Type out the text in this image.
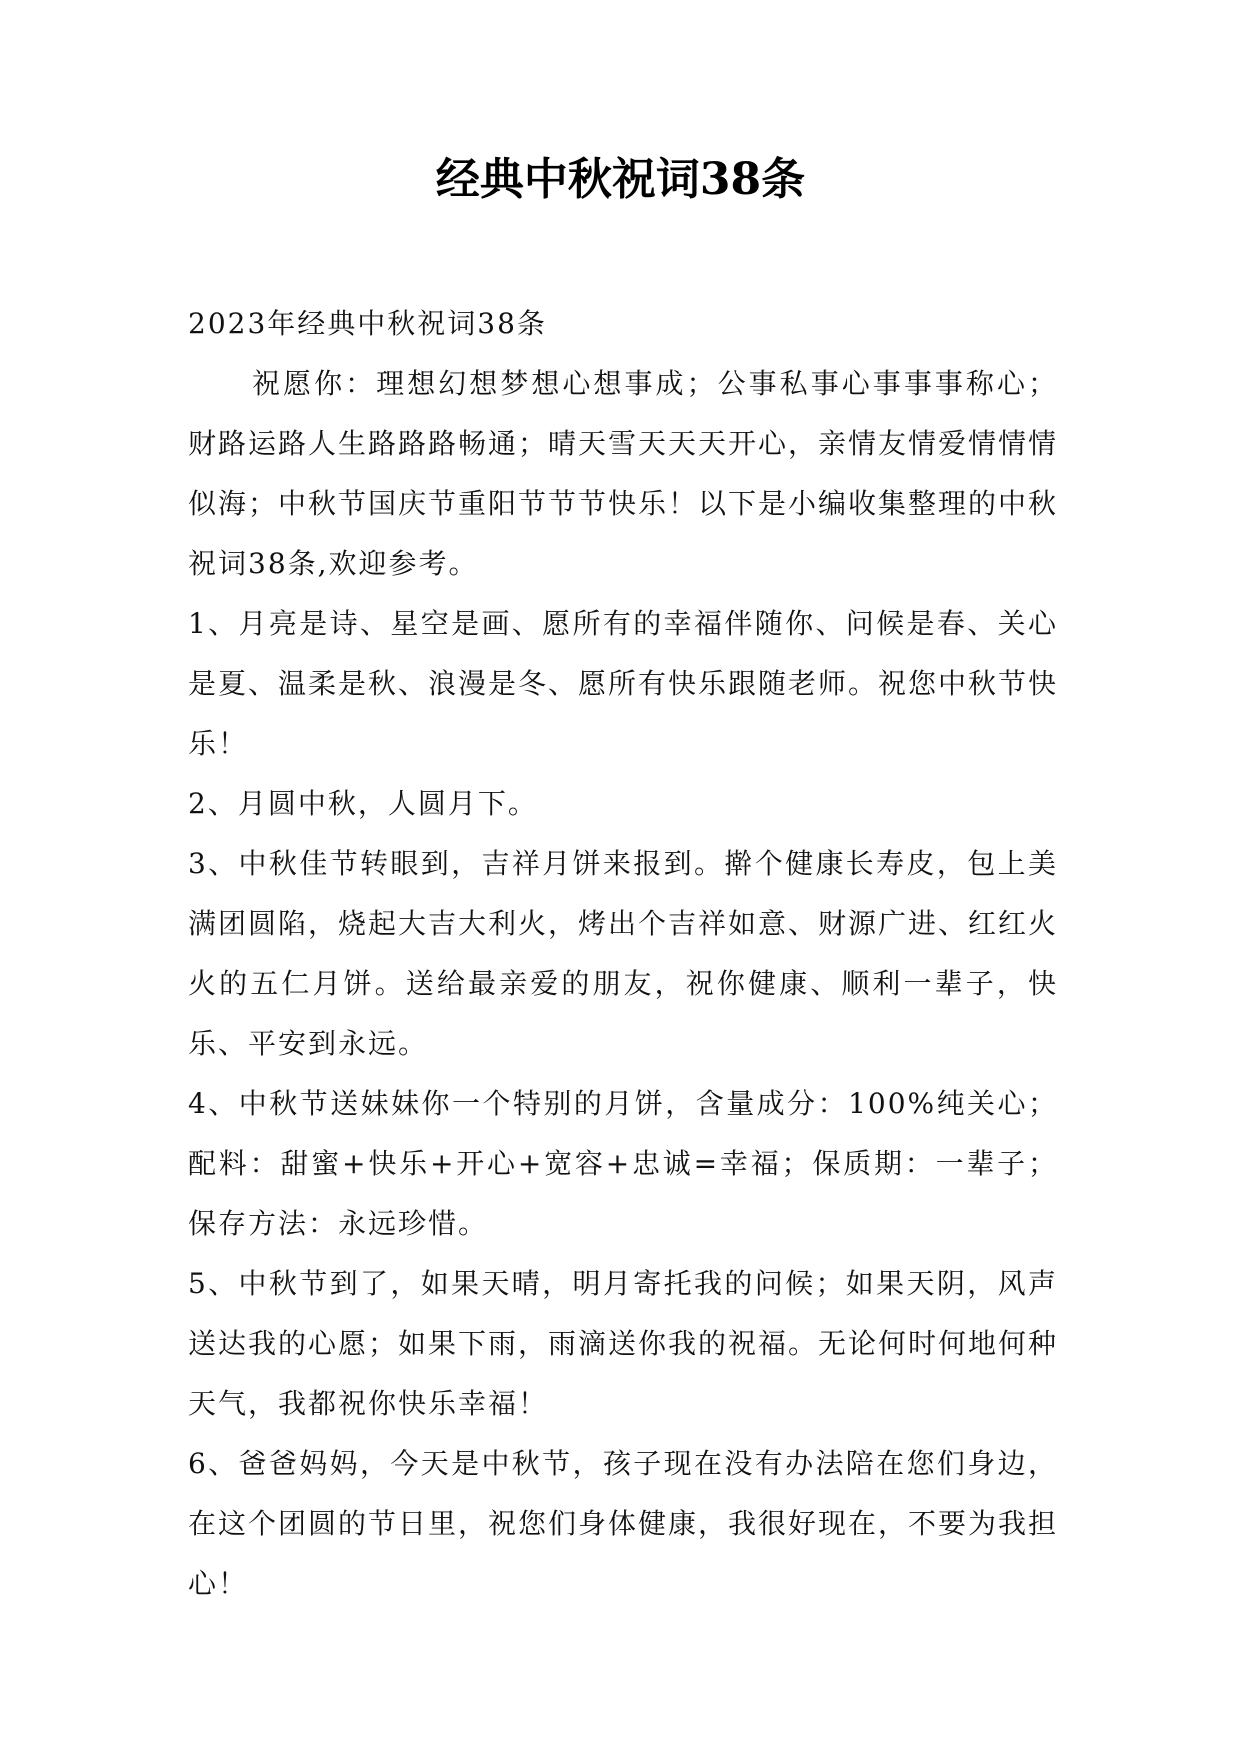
经典中秋祝词38条

2023年经典中秋祝词38条

祝愿你：理想幻想梦想心想事成；公事私事心事事事称心；财路运路人生路路路畅通；晴天雪天天天开心，亲情友情爱情情情似海；中秋节国庆节重阳节节节快乐！以下是小编收集整理的中秋祝词38条,欢迎参考。

1、月亮是诗、星空是画、愿所有的幸福伴随你、问候是春、关心是夏、温柔是秋、浪漫是冬、愿所有快乐跟随老师。祝您中秋节快乐！

2、月圆中秋，人圆月下。

3、中秋佳节转眼到，吉祥月饼来报到。擀个健康长寿皮，包上美满团圆陷，烧起大吉大利火，烤出个吉祥如意、财源广进、红红火火的五仁月饼。送给最亲爱的朋友，祝你健康、顺利一辈子，快乐、平安到永远。

4、中秋节送妹妹你一个特别的月饼，含量成分：100%纯关心；配料：甜蜜+快乐+开心+宽容+忠诚=幸福；保质期：一辈子；保存方法：永远珍惜。

5、中秋节到了，如果天晴，明月寄托我的问候；如果天阴，风声送达我的心愿；如果下雨，雨滴送你我的祝福。无论何时何地何种天气，我都祝你快乐幸福！

6、爸爸妈妈，今天是中秋节，孩子现在没有办法陪在您们身边，在这个团圆的节日里，祝您们身体健康，我很好现在，不要为我担心！
